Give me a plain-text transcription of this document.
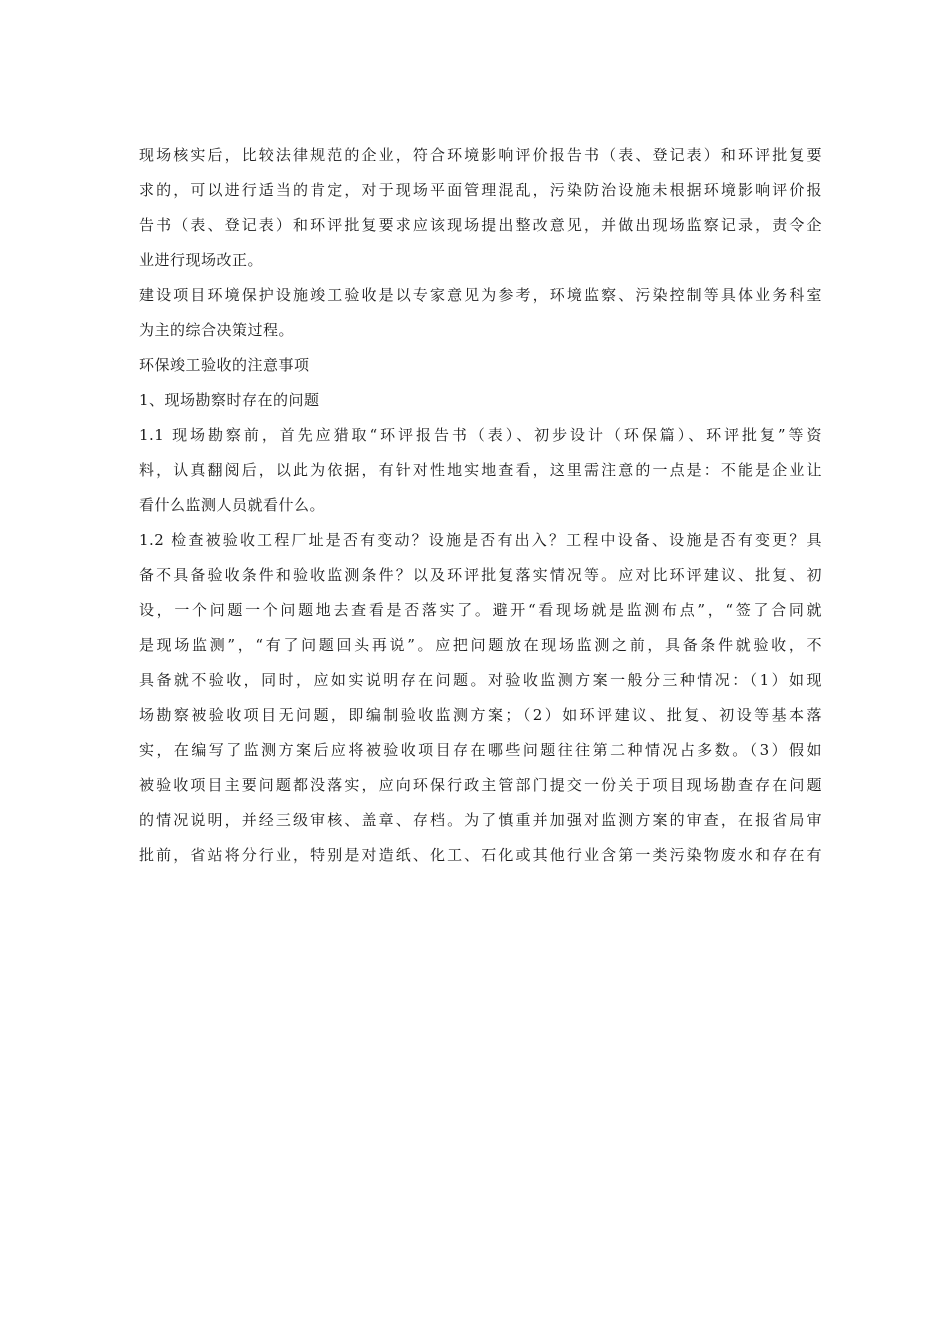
现场核实后，比较法律规范的企业，符合环境影响评价报告书（表、登记表）和环评批复要
求的，可以进行适当的肯定，对于现场平面管理混乱，污染防治设施未根据环境影响评价报
告书（表、登记表）和环评批复要求应该现场提出整改意见，并做出现场监察记录，责令企
业进行现场改正。
建设项目环境保护设施竣工验收是以专家意见为参考，环境监察、污染控制等具体业务科室
为主的综合决策过程。
环保竣工验收的注意事项
1、现场勘察时存在的问题
1.1 现场勘察前，首先应猎取“环评报告书（表）、初步设计（环保篇）、环评批复”等资
料，认真翻阅后，以此为依据，有针对性地实地查看，这里需注意的一点是：不能是企业让
看什么监测人员就看什么。
1.2 检查被验收工程厂址是否有变动？设施是否有出入？工程中设备、设施是否有变更？具
备不具备验收条件和验收监测条件？以及环评批复落实情况等。应对比环评建议、批复、初
设，一个问题一个问题地去查看是否落实了。避开“看现场就是监测布点”，“签了合同就
是现场监测”，“有了问题回头再说”。应把问题放在现场监测之前，具备条件就验收，不
具备就不验收，同时，应如实说明存在问题。对验收监测方案一般分三种情况：（1）如现
场勘察被验收项目无问题，即编制验收监测方案；（2）如环评建议、批复、初设等基本落
实，在编写了监测方案后应将被验收项目存在哪些问题往往第二种情况占多数。（3）假如
被验收项目主要问题都没落实，应向环保行政主管部门提交一份关于项目现场勘查存在问题
的情况说明，并经三级审核、盖章、存档。为了慎重并加强对监测方案的审查，在报省局审
批前，省站将分行业，特别是对造纸、化工、石化或其他行业含第一类污染物废水和存在有
